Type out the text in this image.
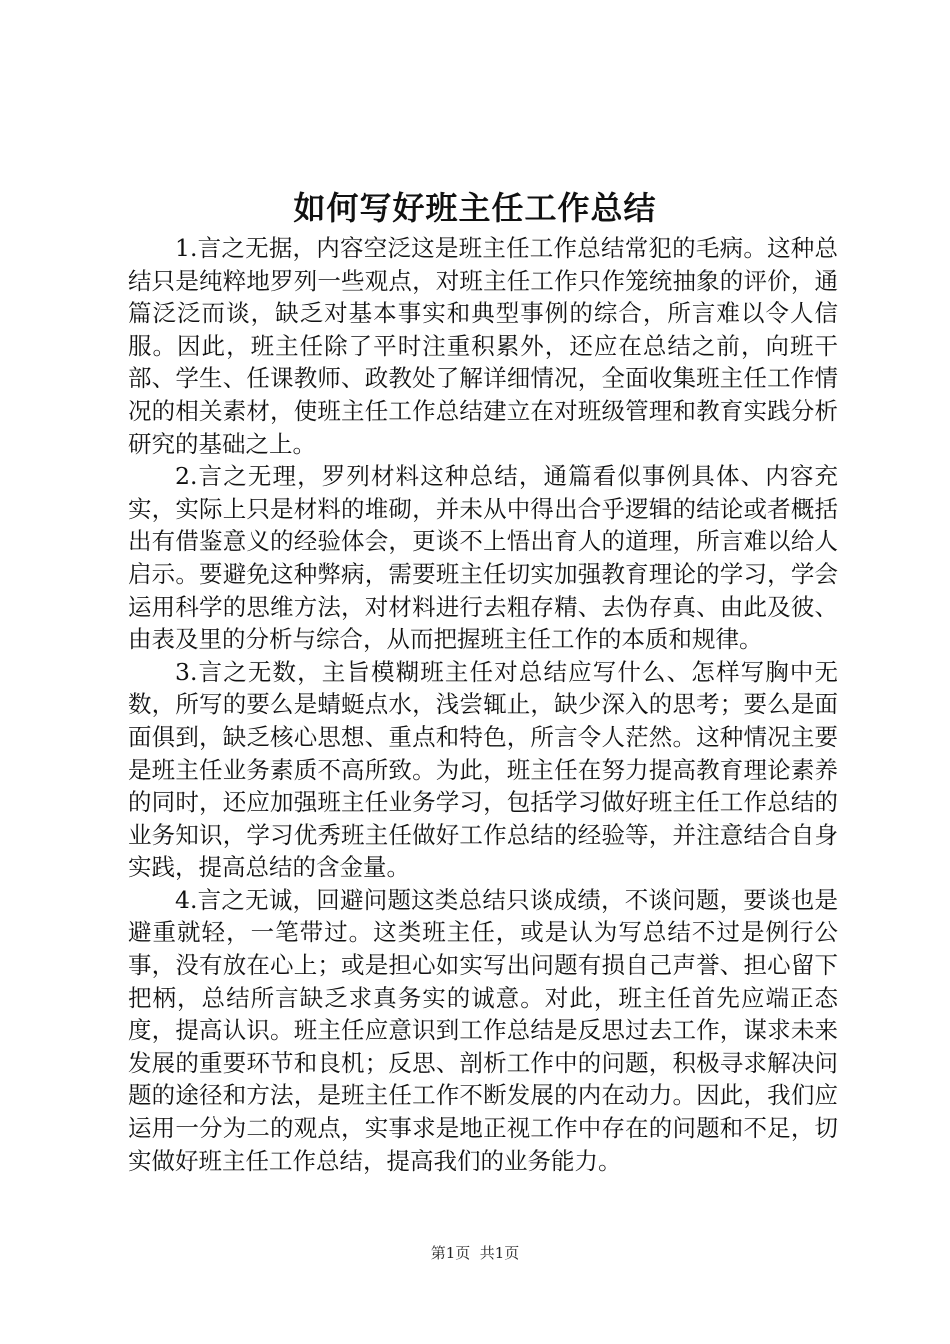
如何写好班主任工作总结

1.言之无据，内容空泛这是班主任工作总结常犯的毛病。这种总结只是纯粹地罗列一些观点，对班主任工作只作笼统抽象的评价，通篇泛泛而谈，缺乏对基本事实和典型事例的综合，所言难以令人信服。因此，班主任除了平时注重积累外，还应在总结之前，向班干部、学生、任课教师、政教处了解详细情况，全面收集班主任工作情况的相关素材，使班主任工作总结建立在对班级管理和教育实践分析研究的基础之上。

2.言之无理，罗列材料这种总结，通篇看似事例具体、内容充实，实际上只是材料的堆砌，并未从中得出合乎逻辑的结论或者概括出有借鉴意义的经验体会，更谈不上悟出育人的道理，所言难以给人启示。要避免这种弊病，需要班主任切实加强教育理论的学习，学会运用科学的思维方法，对材料进行去粗存精、去伪存真、由此及彼、由表及里的分析与综合，从而把握班主任工作的本质和规律。

3.言之无数，主旨模糊班主任对总结应写什么、怎样写胸中无数，所写的要么是蜻蜓点水，浅尝辄止，缺少深入的思考；要么是面面俱到，缺乏核心思想、重点和特色，所言令人茫然。这种情况主要是班主任业务素质不高所致。为此，班主任在努力提高教育理论素养的同时，还应加强班主任业务学习，包括学习做好班主任工作总结的业务知识，学习优秀班主任做好工作总结的经验等，并注意结合自身实践，提高总结的含金量。

4.言之无诚，回避问题这类总结只谈成绩，不谈问题，要谈也是避重就轻，一笔带过。这类班主任，或是认为写总结不过是例行公事，没有放在心上；或是担心如实写出问题有损自己声誉、担心留下把柄，总结所言缺乏求真务实的诚意。对此，班主任首先应端正态度，提高认识。班主任应意识到工作总结是反思过去工作，谋求未来发展的重要环节和良机；反思、剖析工作中的问题，积极寻求解决问题的途径和方法，是班主任工作不断发展的内在动力。因此，我们应运用一分为二的观点，实事求是地正视工作中存在的问题和不足，切实做好班主任工作总结，提高我们的业务能力。

第1页  共1页
